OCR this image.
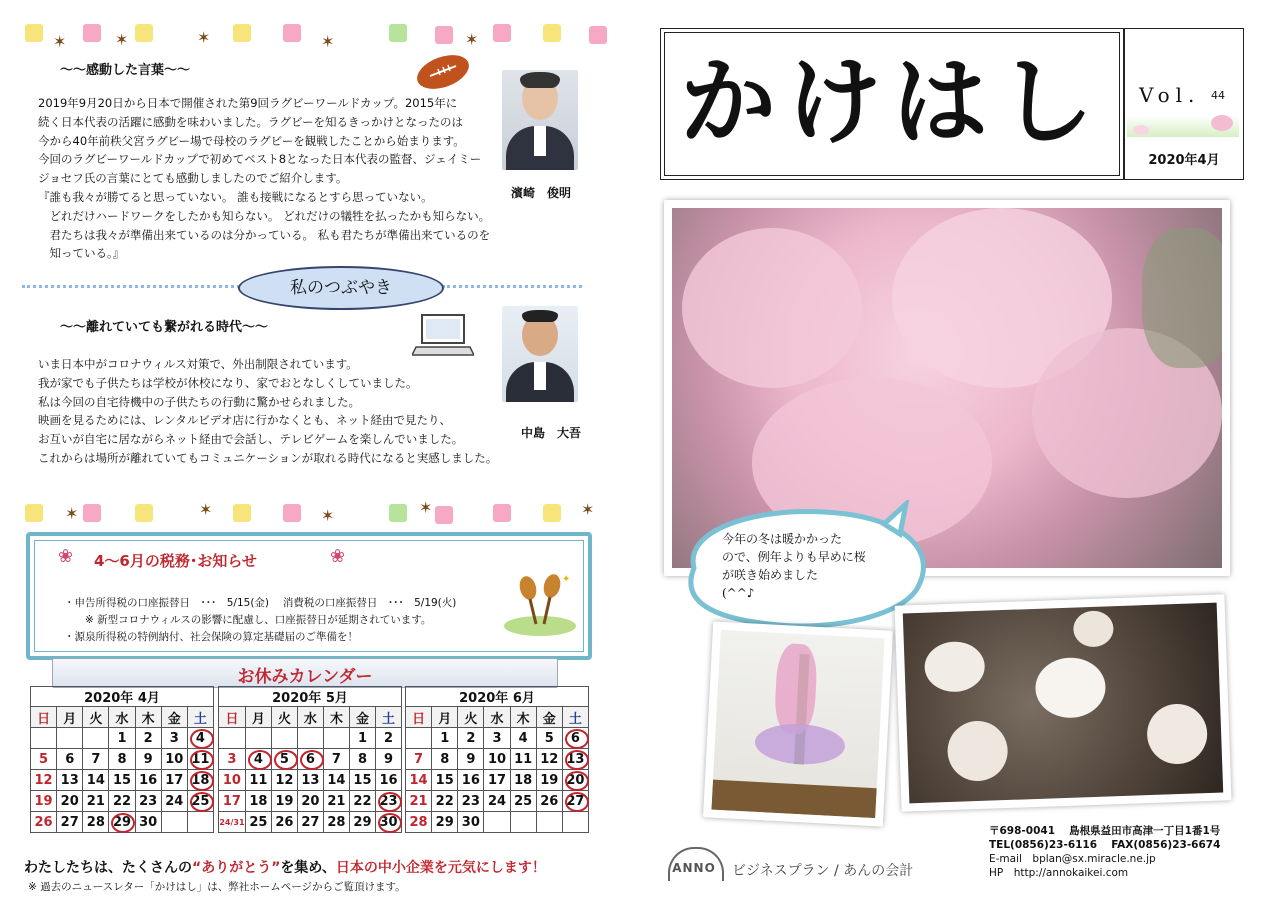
✶	✶	✶	✶	✶
～～感動した言葉～～
2019年9月20日から日本で開催された第9回ラグビーワールドカップ。2015年に
続く日本代表の活躍に感動を味わいました。ラグビーを知るきっかけとなったのは
今から40年前秩父宮ラグビー場で母校のラグビーを観戦したことから始まります。
今回のラグビーワールドカップで初めてベスト8となった日本代表の監督、ジェイミー
ジョセフ氏の言葉にとても感動しましたのでご紹介します。
『誰も我々が勝てると思っていない。 誰も接戦になるとすら思っていない。
　どれだけハードワークをしたかも知らない。 どれだけの犠牲を払ったかも知らない。
　君たちは我々が準備出来ているのは分かっている。 私も君たちが準備出来ているのを
　知っている。』
濱崎　俊明
私のつぶやき
～～離れていても繋がれる時代～～
いま日本中がコロナウィルス対策で、外出制限されています。
我が家でも子供たちは学校が休校になり、家でおとなしくしていました。
私は今回の自宅待機中の子供たちの行動に驚かせられました。
映画を見るためには、レンタルビデオ店に行かなくとも、ネット経由で見たり、
お互いが自宅に居ながらネット経由で会話し、テレビゲームを楽しんでいました。
これからは場所が離れていてもコミュニケーションが取れる時代になると実感しました。
中島　大吾
✶	✶	✶	✶	✶
❀ 4～6月の税務･お知らせ	❀
・申告所得税の口座振替日　･･･　5/15(金)　 消費税の口座振替日　･･･　5/19(火)
　　※ 新型コロナウィルスの影響に配慮し、口座振替日が延期されています。
・源泉所得税の特例納付、社会保険の算定基礎届のご準備を！
✦
お休みカレンダー
2020年 4月						
日	月	火	水	木	金	土
			1	2	3	4

5	6	7	8	9	10	11

12	13	14	15	16	17	18

19	20	21	22	23	24	25

26	27	28	29	30		
2020年 5月						
日	月	火	水	木	金	土
					1	2
3	4	5	6	7	8	9
10	11	12	13	14	15	16
17	18	19	20	21	22	23

24/31	25	26	27	28	29	30
2020年 6月						
日	月	火	水	木	金	土
	1	2	3	4	5	6

7	8	9	10	11	12	13

14	15	16	17	18	19	20

21	22	23	24	25	26	27

28	29	30				
わたしたちは、たくさんの“ありがとう”を集め、日本の中小企業を元気にします！
※ 過去のニュースレター「かけはし」は、弊社ホームページからご覧頂けます。
かけはし	Vol. 44
2020年4月
今年の冬は暖かかった
ので、例年よりも早めに桜
が咲き始めました
(^^♪
ANNO	ビジネスプラン / あんの会計
〒698-0041　 島根県益田市高津一丁目1番1号
TEL(0856)23-6116　 FAX(0856)23-6674
E-mail　bplan@sx.miracle.ne.jp
HP　http://annokaikei.com
